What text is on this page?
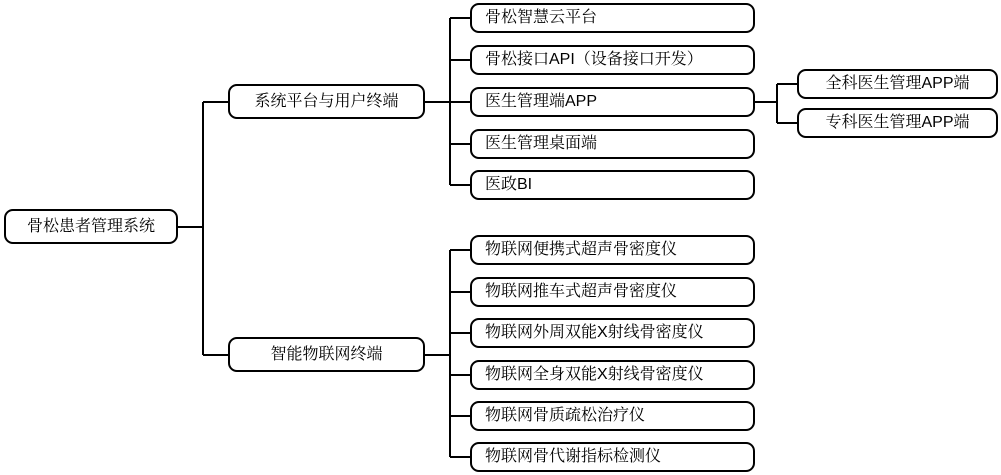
骨松患者管理系统
系统平台与用户终端
智能物联网终端
骨松智慧云平台
骨松接口API（设备接口开发）
医生管理端APP
医生管理桌面端
医政BI
全科医生管理APP端
专科医生管理APP端
物联网便携式超声骨密度仪
物联网推车式超声骨密度仪
物联网外周双能X射线骨密度仪
物联网全身双能X射线骨密度仪
物联网骨质疏松治疗仪
物联网骨代谢指标检测仪
